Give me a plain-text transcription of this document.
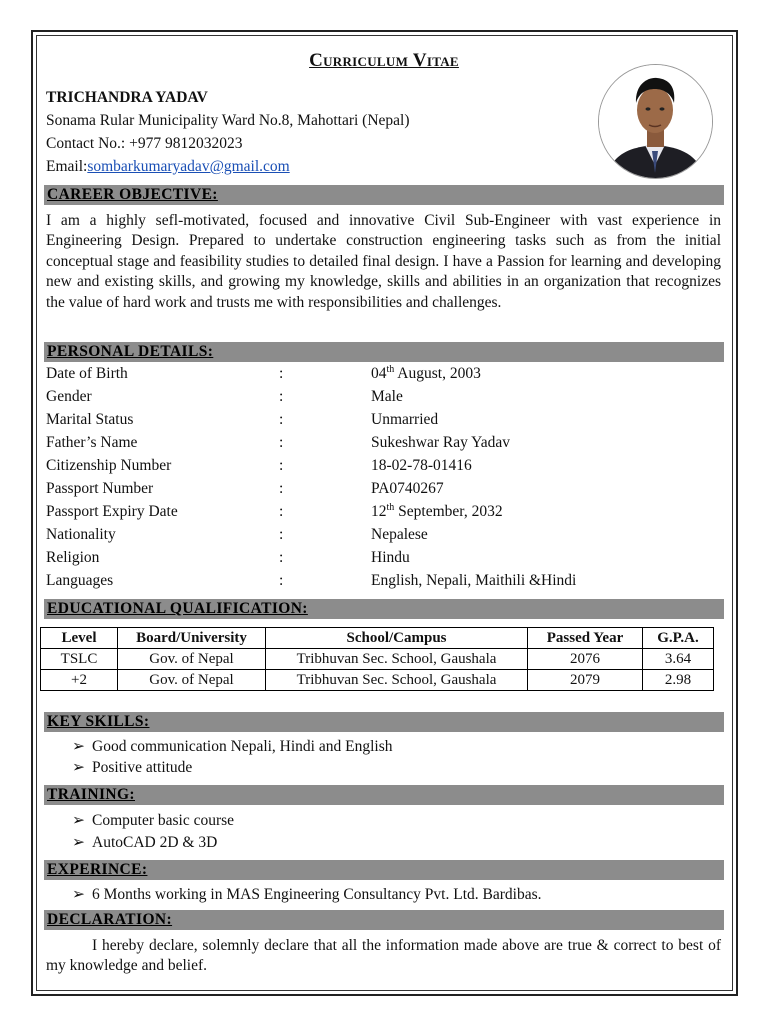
Curriculum Vitae
TRICHANDRA YADAV
Sonama Rular Municipality Ward No.8, Mahottari (Nepal)
Contact No.: +977 9812032023
Email:sombarkumaryadav@gmail.com
CAREER OBJECTIVE:
I am a highly sefl-motivated, focused and innovative Civil Sub-Engineer with vast experience in Engineering Design. Prepared to undertake construction engineering tasks such as from the initial conceptual stage and feasibility studies to detailed final design. I have a Passion for learning and developing new and existing skills, and growing my knowledge, skills and abilities in an organization that recognizes the value of hard work and trusts me with responsibilities and challenges.
PERSONAL DETAILS:
Date of Birth	:	04th August, 2003
Gender	:	Male
Marital Status	:	Unmarried
Father’s Name	:	Sukeshwar Ray Yadav
Citizenship Number	:	18-02-78-01416
Passport Number	:	PA0740267
Passport Expiry Date	:	12th September, 2032
Nationality	:	Nepalese
Religion	:	Hindu
Languages	:	English, Nepali, Maithili &Hindi
EDUCATIONAL QUALIFICATION:
Level	Board/University	School/Campus	Passed Year	G.P.A.
TSLC	Gov. of Nepal	Tribhuvan Sec. School, Gaushala	2076	3.64
+2	Gov. of Nepal	Tribhuvan Sec. School, Gaushala	2079	2.98
KEY SKILLS:
➢ Good communication Nepali, Hindi and English
➢ Positive attitude
TRAINING:
➢ Computer basic course
➢ AutoCAD 2D & 3D
EXPERINCE:
➢ 6 Months working in MAS Engineering Consultancy Pvt. Ltd. Bardibas.
DECLARATION:
I hereby declare, solemnly declare that all the information made above are true & correct to best of my knowledge and belief.
